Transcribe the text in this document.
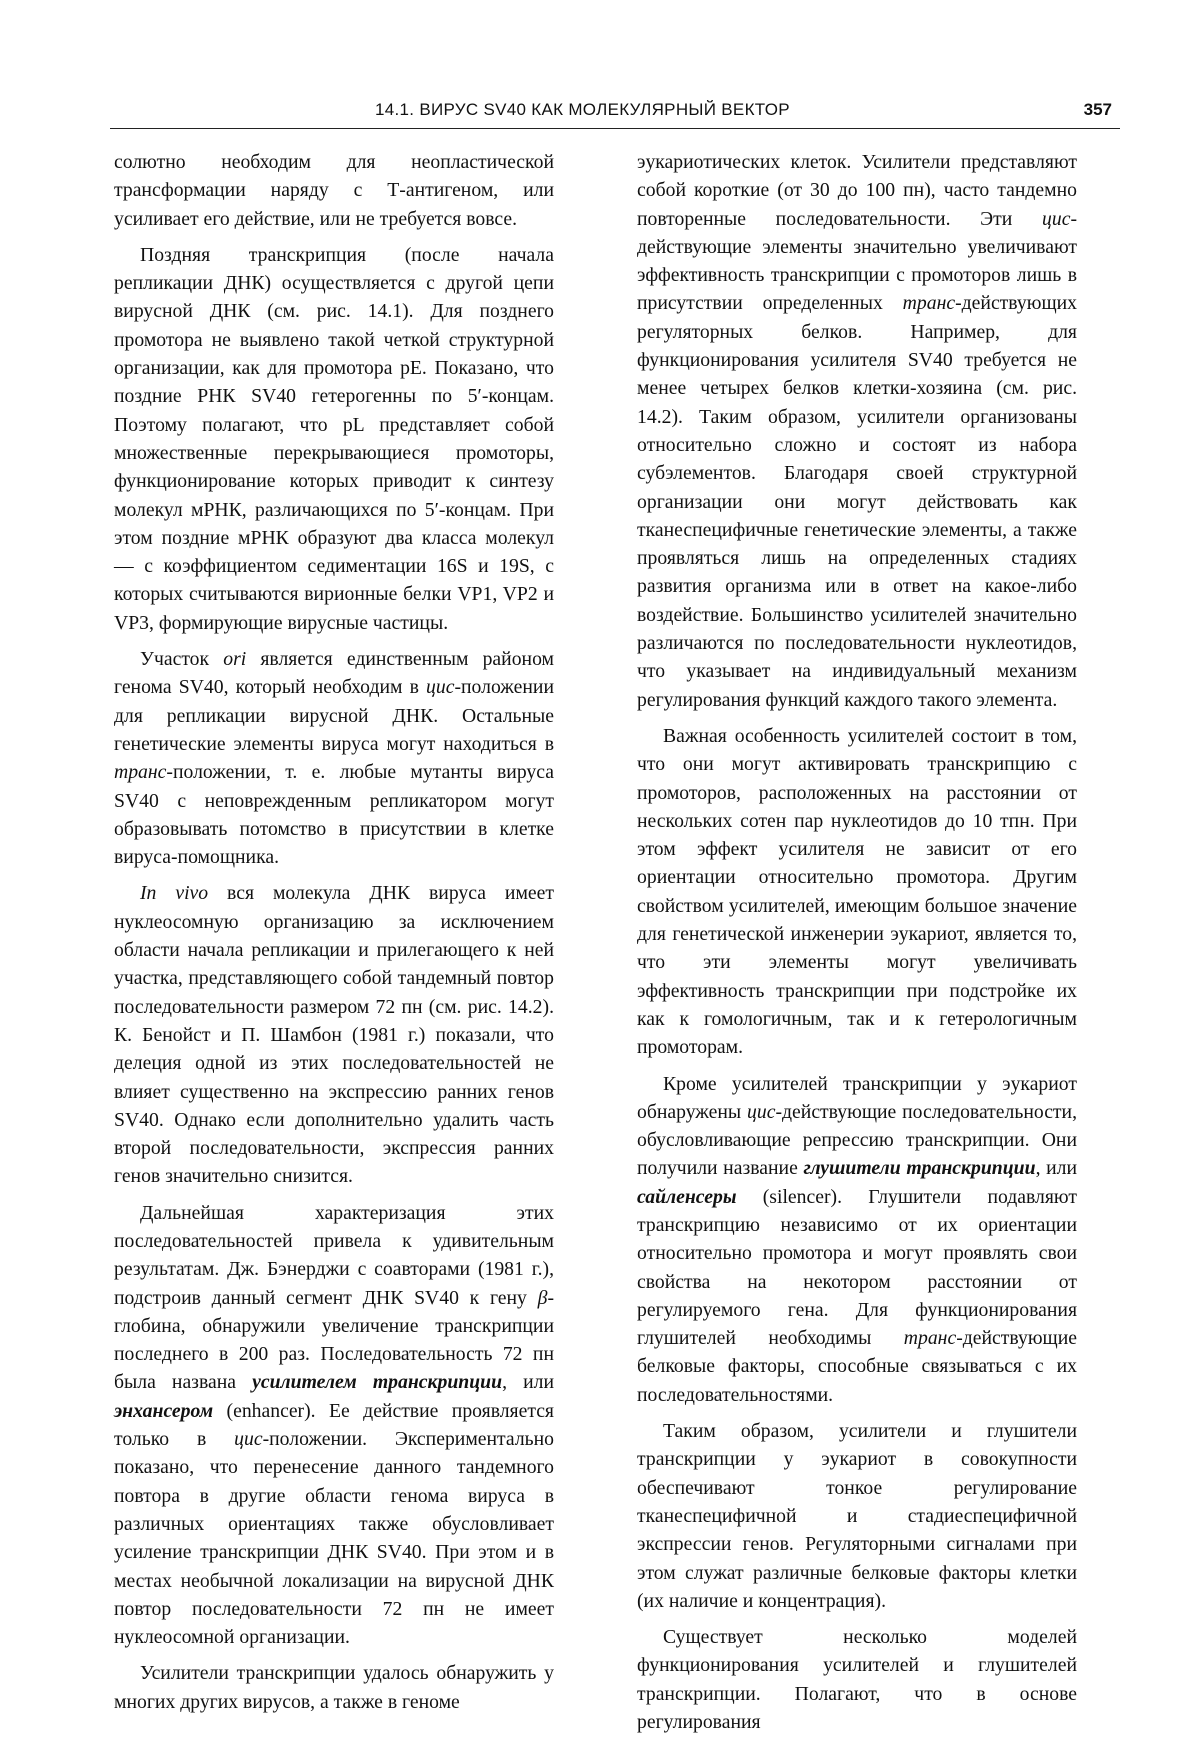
14.1. ВИРУС SV40 КАК МОЛЕКУЛЯРНЫЙ ВЕКТОР	357

солютно необходим для неопластической трансформации наряду с Т-антигеном, или усиливает его действие, или не требуется вовсе.

Поздняя транскрипция (после начала репликации ДНК) осуществляется с другой цепи вирусной ДНК (см. рис. 14.1). Для позднего промотора не выявлено такой четкой структурной организации, как для промотора pE. Показано, что поздние РНК SV40 гетерогенны по 5′-концам. Поэтому полагают, что pL представляет собой множественные перекрывающиеся промоторы, функционирование которых приводит к синтезу молекул мРНК, различающихся по 5′-концам. При этом поздние мРНК образуют два класса молекул — с коэффициентом седиментации 16S и 19S, с которых считываются вирионные белки VP1, VP2 и VP3, формирующие вирусные частицы.

Участок ori является единственным районом генома SV40, который необходим в цис-положении для репликации вирусной ДНК. Остальные генетические элементы вируса могут находиться в транс-положении, т. е. любые мутанты вируса SV40 с неповрежденным репликатором могут образовывать потомство в присутствии в клетке вируса-помощника.

In vivo вся молекула ДНК вируса имеет нуклеосомную организацию за исключением области начала репликации и прилегающего к ней участка, представляющего собой тандемный повтор последовательности размером 72 пн (см. рис. 14.2). К. Бенойст и П. Шамбон (1981 г.) показали, что делеция одной из этих последовательностей не влияет существенно на экспрессию ранних генов SV40. Однако если дополнительно удалить часть второй последовательности, экспрессия ранних генов значительно снизится.

Дальнейшая характеризация этих последовательностей привела к удивительным результатам. Дж. Бэнерджи с соавторами (1981 г.), подстроив данный сегмент ДНК SV40 к гену β-глобина, обнаружили увеличение транскрипции последнего в 200 раз. Последовательность 72 пн была названа усилителем транскрипции, или энхансером (enhancer). Ее действие проявляется только в цис-положении. Экспериментально показано, что перенесение данного тандемного повтора в другие области генома вируса в различных ориентациях также обусловливает усиление транскрипции ДНК SV40. При этом и в местах необычной локализации на вирусной ДНК повтор последовательности 72 пн не имеет нуклеосомной организации.

Усилители транскрипции удалось обнаружить у многих других вирусов, а также в геноме

эукариотических клеток. Усилители представляют собой короткие (от 30 до 100 пн), часто тандемно повторенные последовательности. Эти цис-действующие элементы значительно увеличивают эффективность транскрипции с промоторов лишь в присутствии определенных транс-действующих регуляторных белков. Например, для функционирования усилителя SV40 требуется не менее четырех белков клетки-хозяина (см. рис. 14.2). Таким образом, усилители организованы относительно сложно и состоят из набора субэлементов. Благодаря своей структурной организации они могут действовать как тканеспецифичные генетические элементы, а также проявляться лишь на определенных стадиях развития организма или в ответ на какое-либо воздействие. Большинство усилителей значительно различаются по последовательности нуклеотидов, что указывает на индивидуальный механизм регулирования функций каждого такого элемента.

Важная особенность усилителей состоит в том, что они могут активировать транскрипцию с промоторов, расположенных на расстоянии от нескольких сотен пар нуклеотидов до 10 тпн. При этом эффект усилителя не зависит от его ориентации относительно промотора. Другим свойством усилителей, имеющим большое значение для генетической инженерии эукариот, является то, что эти элементы могут увеличивать эффективность транскрипции при подстройке их как к гомологичным, так и к гетерологичным промоторам.

Кроме усилителей транскрипции у эукариот обнаружены цис-действующие последовательности, обусловливающие репрессию транскрипции. Они получили название глушители транскрипции, или сайленсеры (silencer). Глушители подавляют транскрипцию независимо от их ориентации относительно промотора и могут проявлять свои свойства на некотором расстоянии от регулируемого гена. Для функционирования глушителей необходимы транс-действующие белковые факторы, способные связываться с их последовательностями.

Таким образом, усилители и глушители транскрипции у эукариот в совокупности обеспечивают тонкое регулирование тканеспецифичной и стадиеспецифичной экспрессии генов. Регуляторными сигналами при этом служат различные белковые факторы клетки (их наличие и концентрация).

Существует несколько моделей функционирования усилителей и глушителей транскрипции. Полагают, что в основе регулирования
